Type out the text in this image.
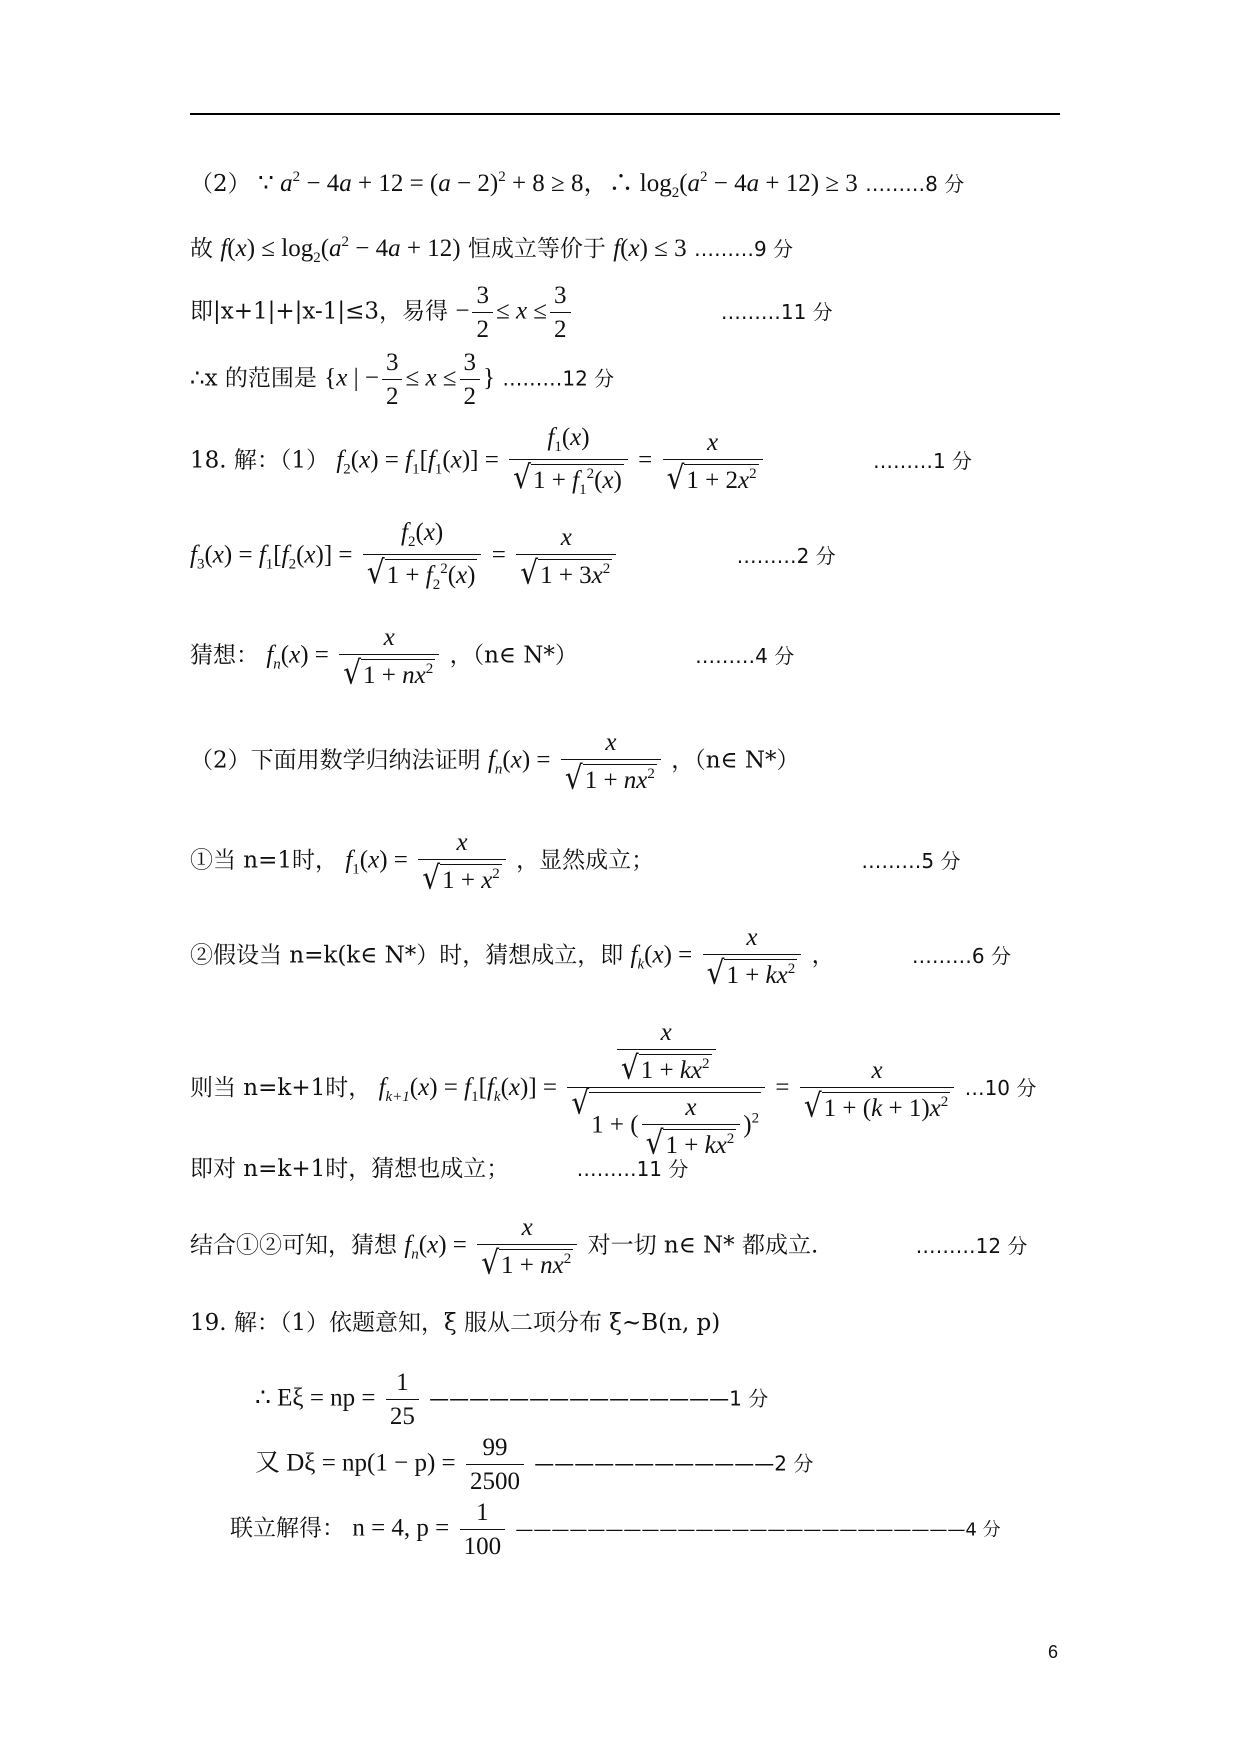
（2） ∵ $a^2 - 4a + 12 = (a - 2)^2 + 8 \ge 8$，∴ $\log_2(a^2 - 4a + 12) \ge 3$ ………8 分
故 $f(x) \le \log_2(a^2 - 4a + 12)$ 恒成立等价于 f(x) ≤ 3 ………9 分
即|x+1|+|x-1|≤3，易得 − $\frac{3}{2} \le x \le \frac{3}{2}$	………11 分
∴x 的范围是 {x | − $\frac{3}{2} \le x \le \frac{3}{2}$ } ………12 分
18. 解：（1） $f_2(x) = f_1[f_1(x)] = \frac{f_1(x)}{√ 1 + f_1^2(x)} = \frac{x}{√ 1 + 2x^2}$	………1 分
$f_3(x) = f_1[f_2(x)] = \frac{f_2(x)}{√ 1 + f_2^2(x)} = \frac{x}{√ 1 + 3x^2}$	………2 分
猜想： $f_n(x) = \frac{x}{√ 1 + nx^2}$ ，（n∈ N*）	………4 分
（2）下面用数学归纳法证明 $f_n(x) = \frac{x}{√ 1 + nx^2}$ ，（n∈ N*）
①当 n=1时， $f_1(x) = \frac{x}{√ 1 + x^2}$ ，显然成立；	………5 分
②假设当 n=k(k∈ N*）时，猜想成立，即 $f_k(x) = \frac{x}{√ 1 + kx^2}$ ，	………6 分
则当 n=k+1时， $f_{k+1}(x) = f_1[f_k(x)] = \frac{x}{√ 1 + kx^2}$
√
1 + ( $\frac{x}{√ 1 + kx^2} )^2 = \frac{x}{√ 1 + (k + 1)x^2}$ …10 分
即对 n=k+1时，猜想也成立；	………11 分
结合①②可知，猜想 $f_n(x) = \frac{x}{√ 1 + nx^2}$ 对一切 n∈ N* 都成立.	………12 分
19. 解：（1）依题意知，ξ 服从二项分布 ξ~B(n, p)
∴ Eξ = np = $\frac{1}{25}$ ———————————————1 分
又 $D\xi = np(1 - p) = \frac{99}{2500}$ ————————————2 分
联立解得： n = 4, $p = \frac{1}{100}$ —————————————————————————4 分
6
